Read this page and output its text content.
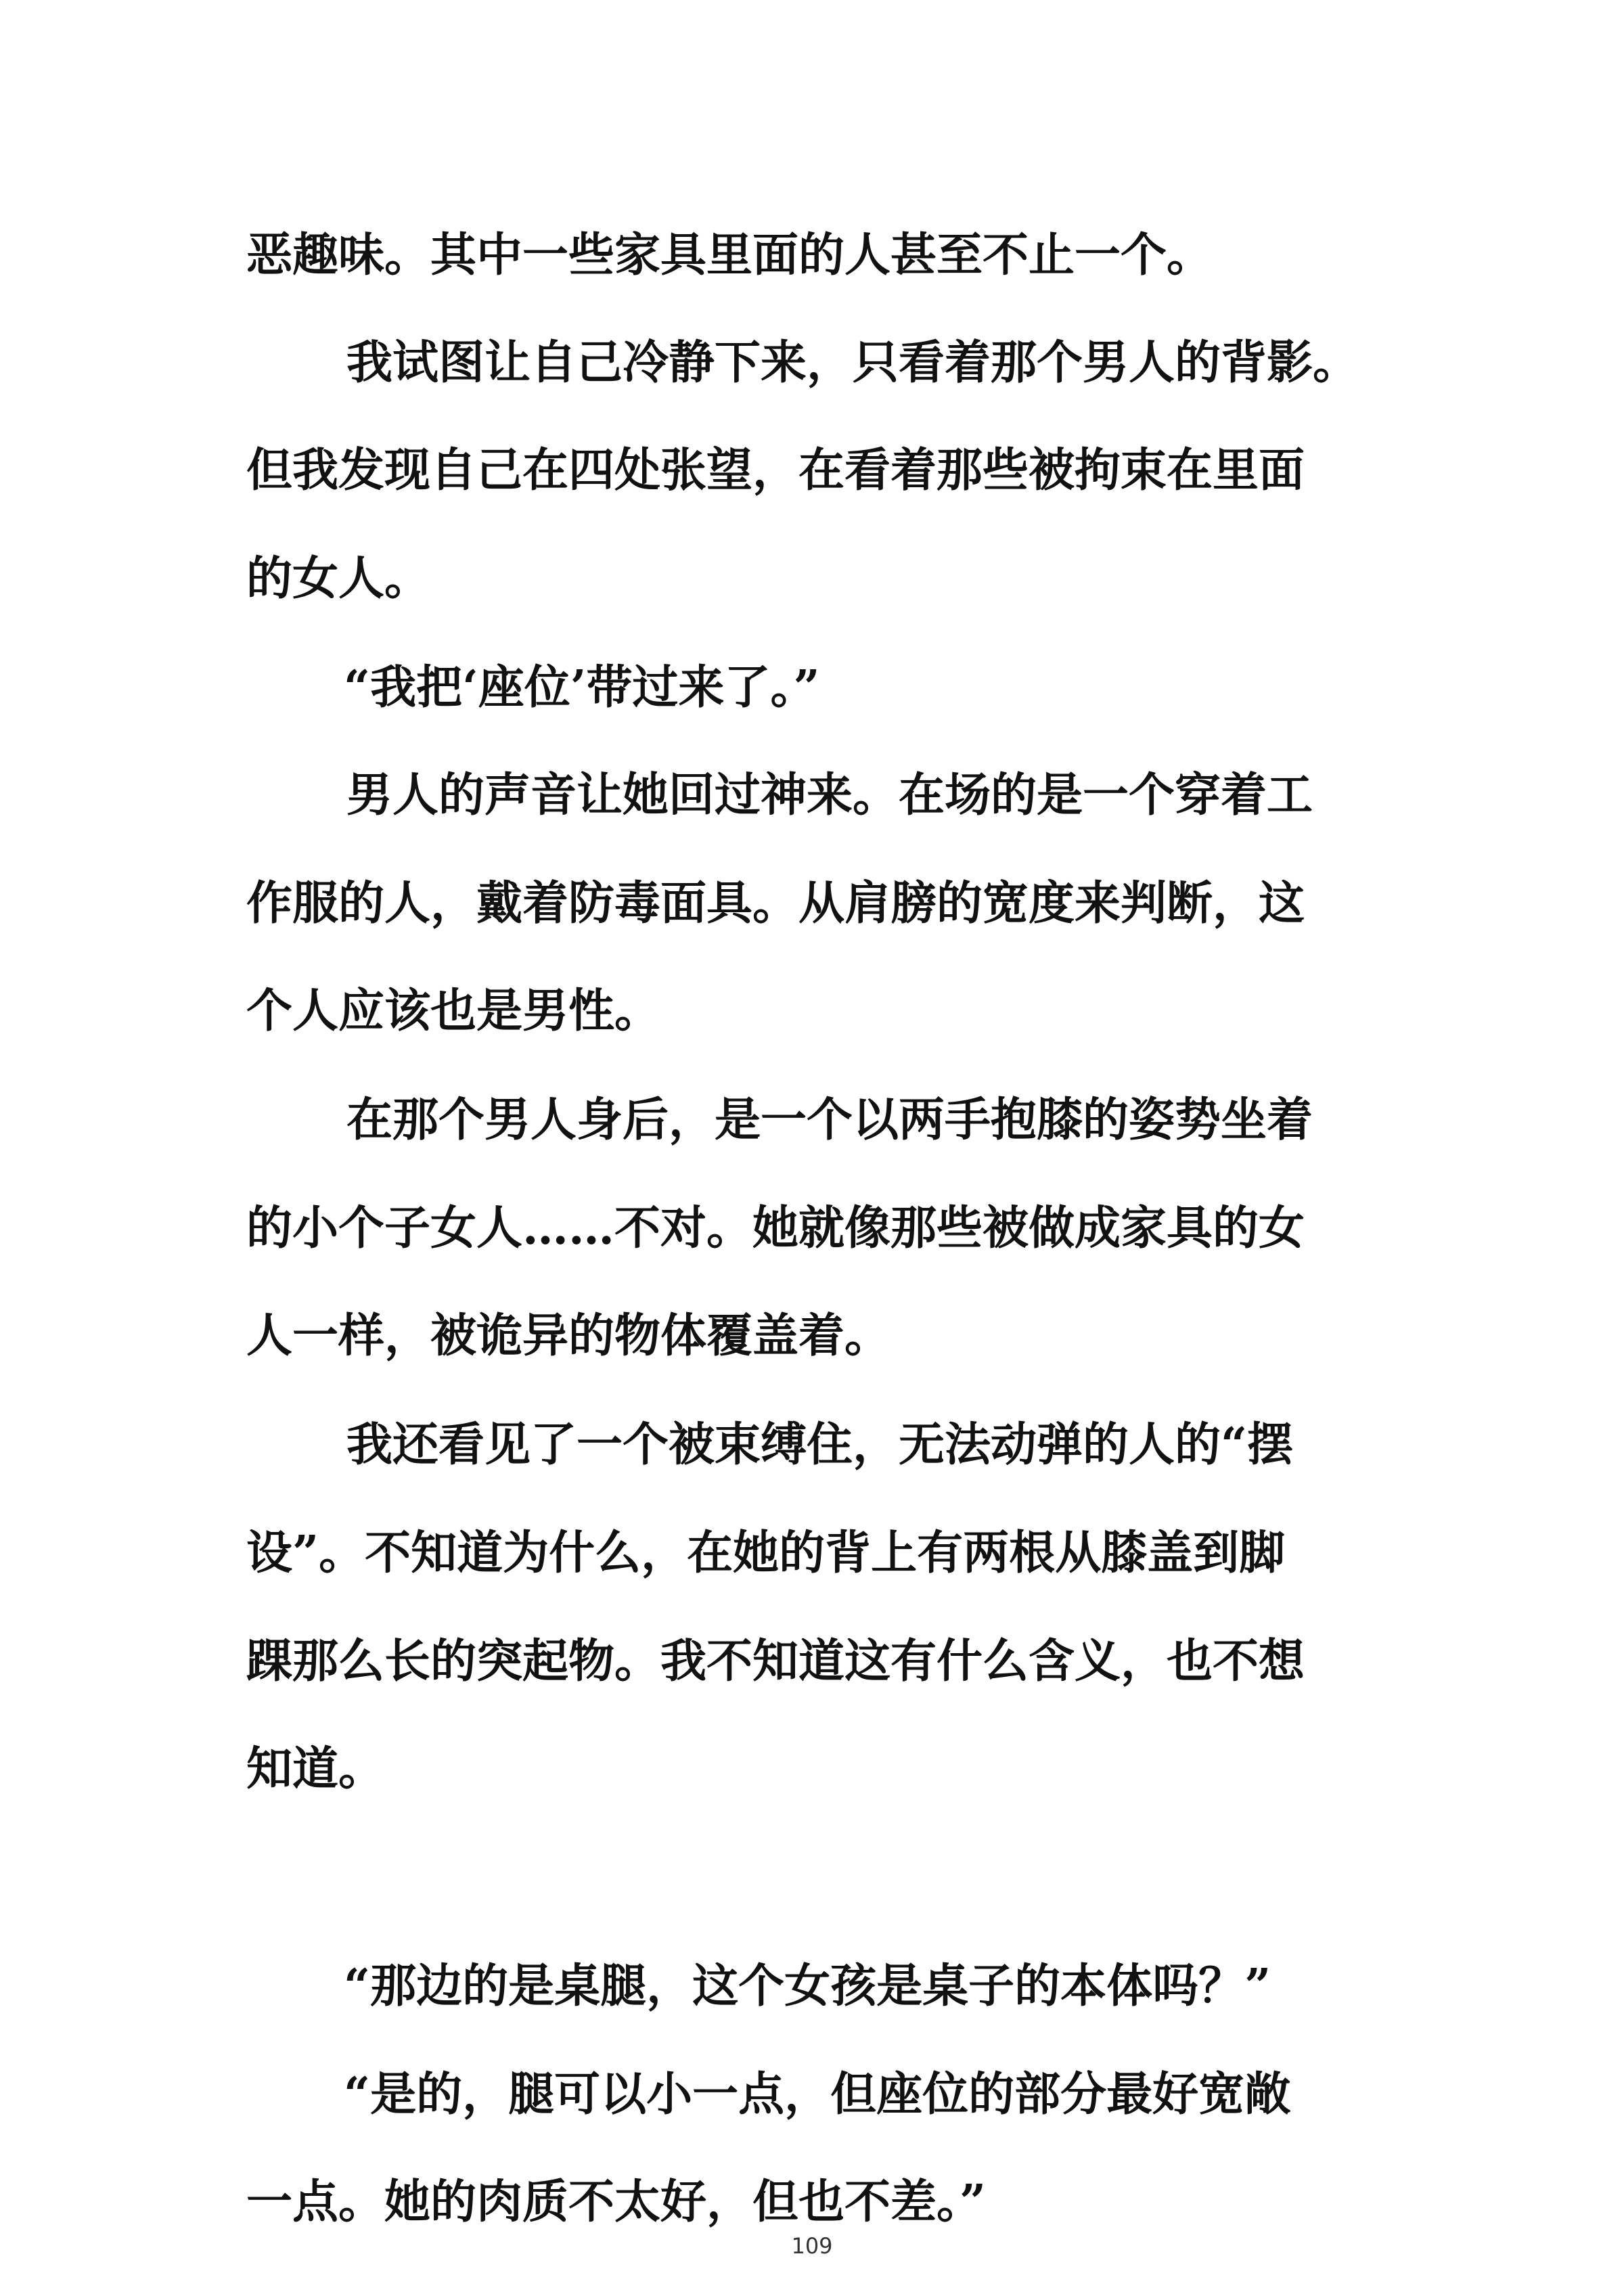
恶趣味。其中一些家具里面的人甚至不止一个。
我试图让自己冷静下来，只看着那个男人的背影。
但我发现自己在四处张望，在看着那些被拘束在里面
的女人。
“我把‘座位’带过来了。”
男人的声音让她回过神来。在场的是一个穿着工
作服的人，戴着防毒面具。从肩膀的宽度来判断，这
个人应该也是男性。
在那个男人身后，是一个以两手抱膝的姿势坐着
的小个子女人……不对。她就像那些被做成家具的女
人一样，被诡异的物体覆盖着。
我还看见了一个被束缚住，无法动弹的人的“摆
设”。不知道为什么，在她的背上有两根从膝盖到脚
踝那么长的突起物。我不知道这有什么含义，也不想
知道。
“那边的是桌腿，这个女孩是桌子的本体吗？”
“是的，腿可以小一点，但座位的部分最好宽敞
一点。她的肉质不太好，但也不差。”
109
